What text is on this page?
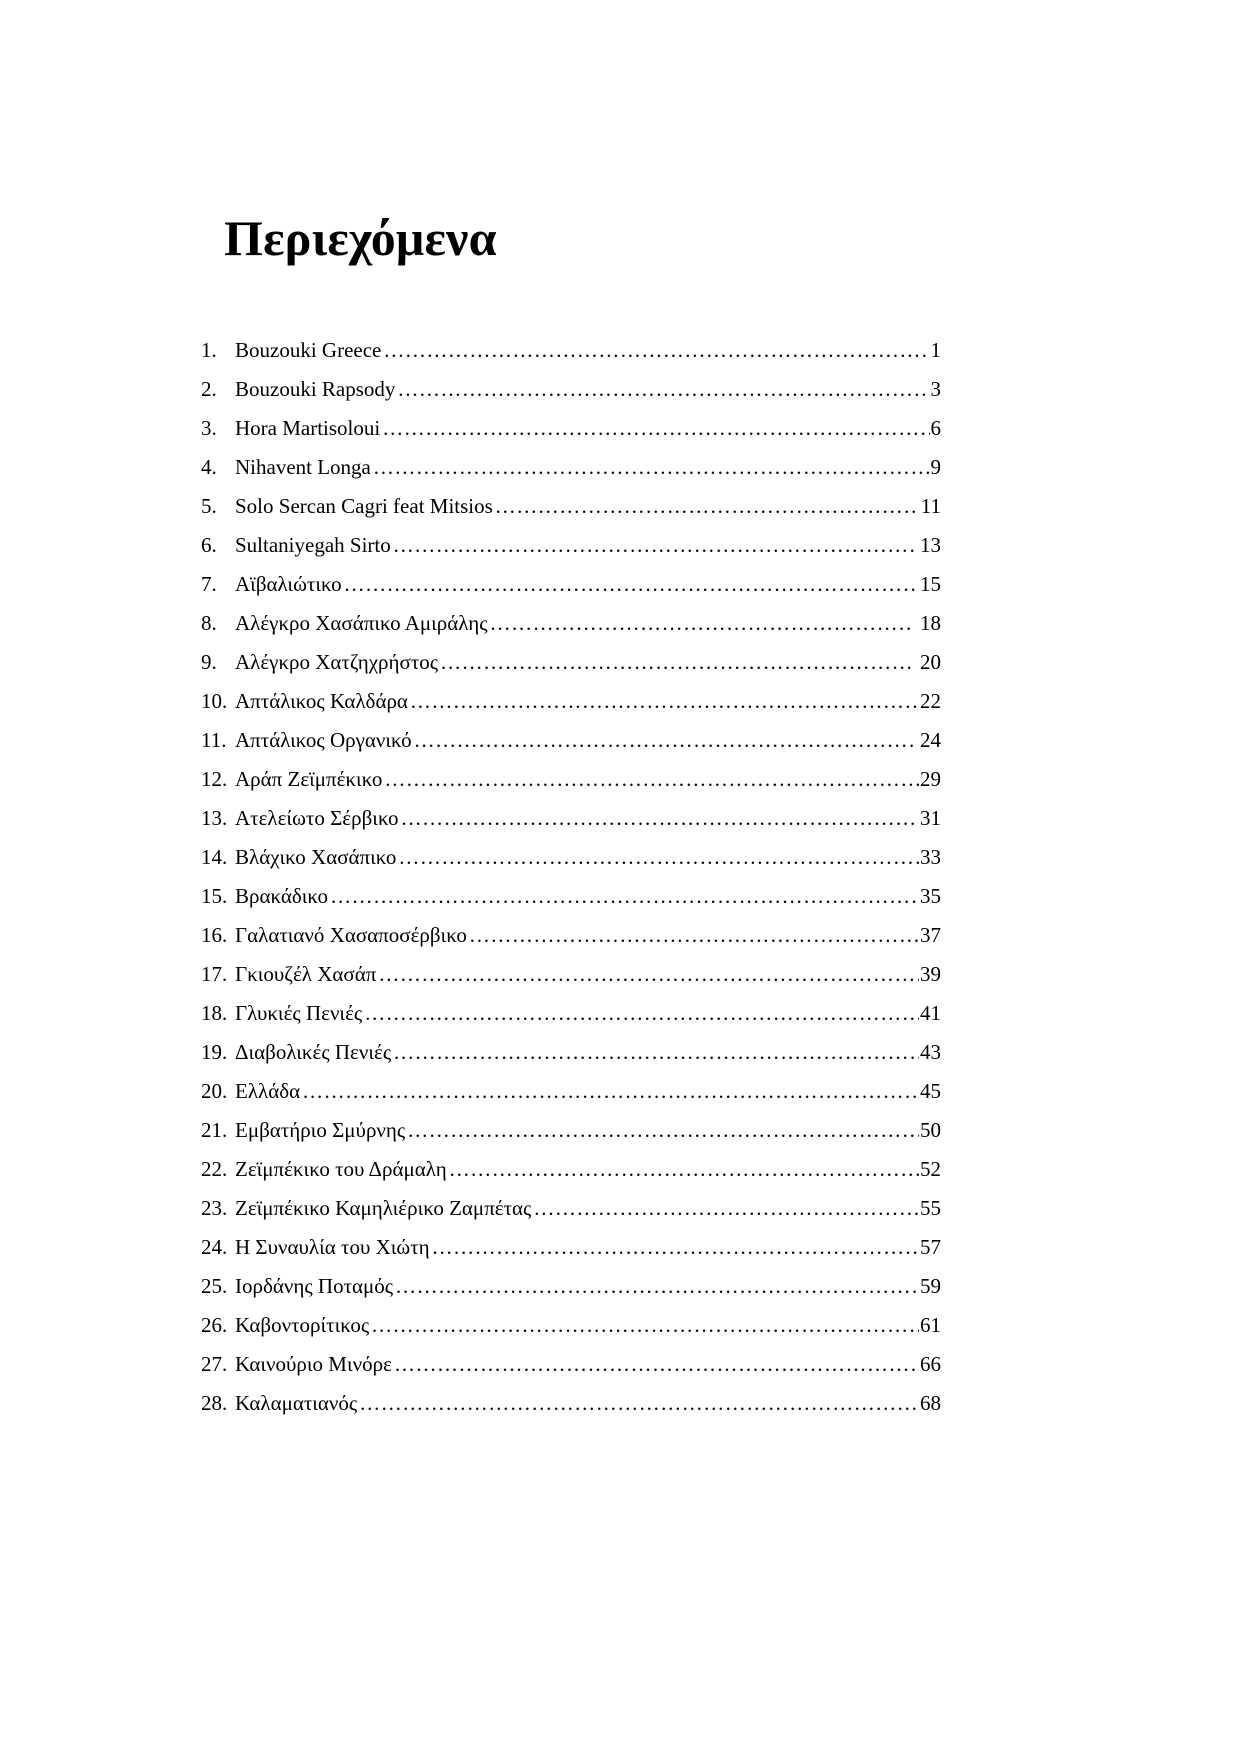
Περιεχόμενα
1. Bouzouki Greece ……………………………………………………………………………………………………………………………………………………………	1
2. Bouzouki Rapsody ……………………………………………………………………………………………………………………………………………………………	3
3. Hora Martisoloui ……………………………………………………………………………………………………………………………………………………………	6
4. Nihavent Longa ……………………………………………………………………………………………………………………………………………………………	9
5. Solo Sercan Cagri feat Mitsios ……………………………………………………………………………………………………………………………………………………………	11
6. Sultaniyegah Sirto ……………………………………………………………………………………………………………………………………………………………	13
7. Αϊβαλιώτικο ……………………………………………………………………………………………………………………………………………………………	15
8. Αλέγκρο Χασάπικο Αμιράλης ……………………………………………………………………………………………………………………………………………………………	18
9. Αλέγκρο Χατζηχρήστος ……………………………………………………………………………………………………………………………………………………………	20
10. Απτάλικος Καλδάρα ……………………………………………………………………………………………………………………………………………………………	22
11. Απτάλικος Οργανικό ……………………………………………………………………………………………………………………………………………………………	24
12. Αράπ Ζεϊμπέκικο ……………………………………………………………………………………………………………………………………………………………	29
13. Ατελείωτο Σέρβικο ……………………………………………………………………………………………………………………………………………………………	31
14. Βλάχικο Χασάπικο ……………………………………………………………………………………………………………………………………………………………	33
15. Βρακάδικο ……………………………………………………………………………………………………………………………………………………………	35
16. Γαλατιανό Χασαποσέρβικο ……………………………………………………………………………………………………………………………………………………………	37
17. Γκιουζέλ Χασάπ ……………………………………………………………………………………………………………………………………………………………	39
18. Γλυκιές Πενιές ……………………………………………………………………………………………………………………………………………………………	41
19. Διαβολικές Πενιές ……………………………………………………………………………………………………………………………………………………………	43
20. Ελλάδα ……………………………………………………………………………………………………………………………………………………………	45
21. Εμβατήριο Σμύρνης ……………………………………………………………………………………………………………………………………………………………	50
22. Ζεϊμπέκικο του Δράμαλη ……………………………………………………………………………………………………………………………………………………………	52
23. Ζεϊμπέκικο Καμηλιέρικο Ζαμπέτας ……………………………………………………………………………………………………………………………………………………………	55
24. Η Συναυλία του Χιώτη ……………………………………………………………………………………………………………………………………………………………	57
25. Ιορδάνης Ποταμός ……………………………………………………………………………………………………………………………………………………………	59
26. Καβοντορίτικος ……………………………………………………………………………………………………………………………………………………………	61
27. Καινούριο Μινόρε ……………………………………………………………………………………………………………………………………………………………	66
28. Καλαματιανός ……………………………………………………………………………………………………………………………………………………………	68
